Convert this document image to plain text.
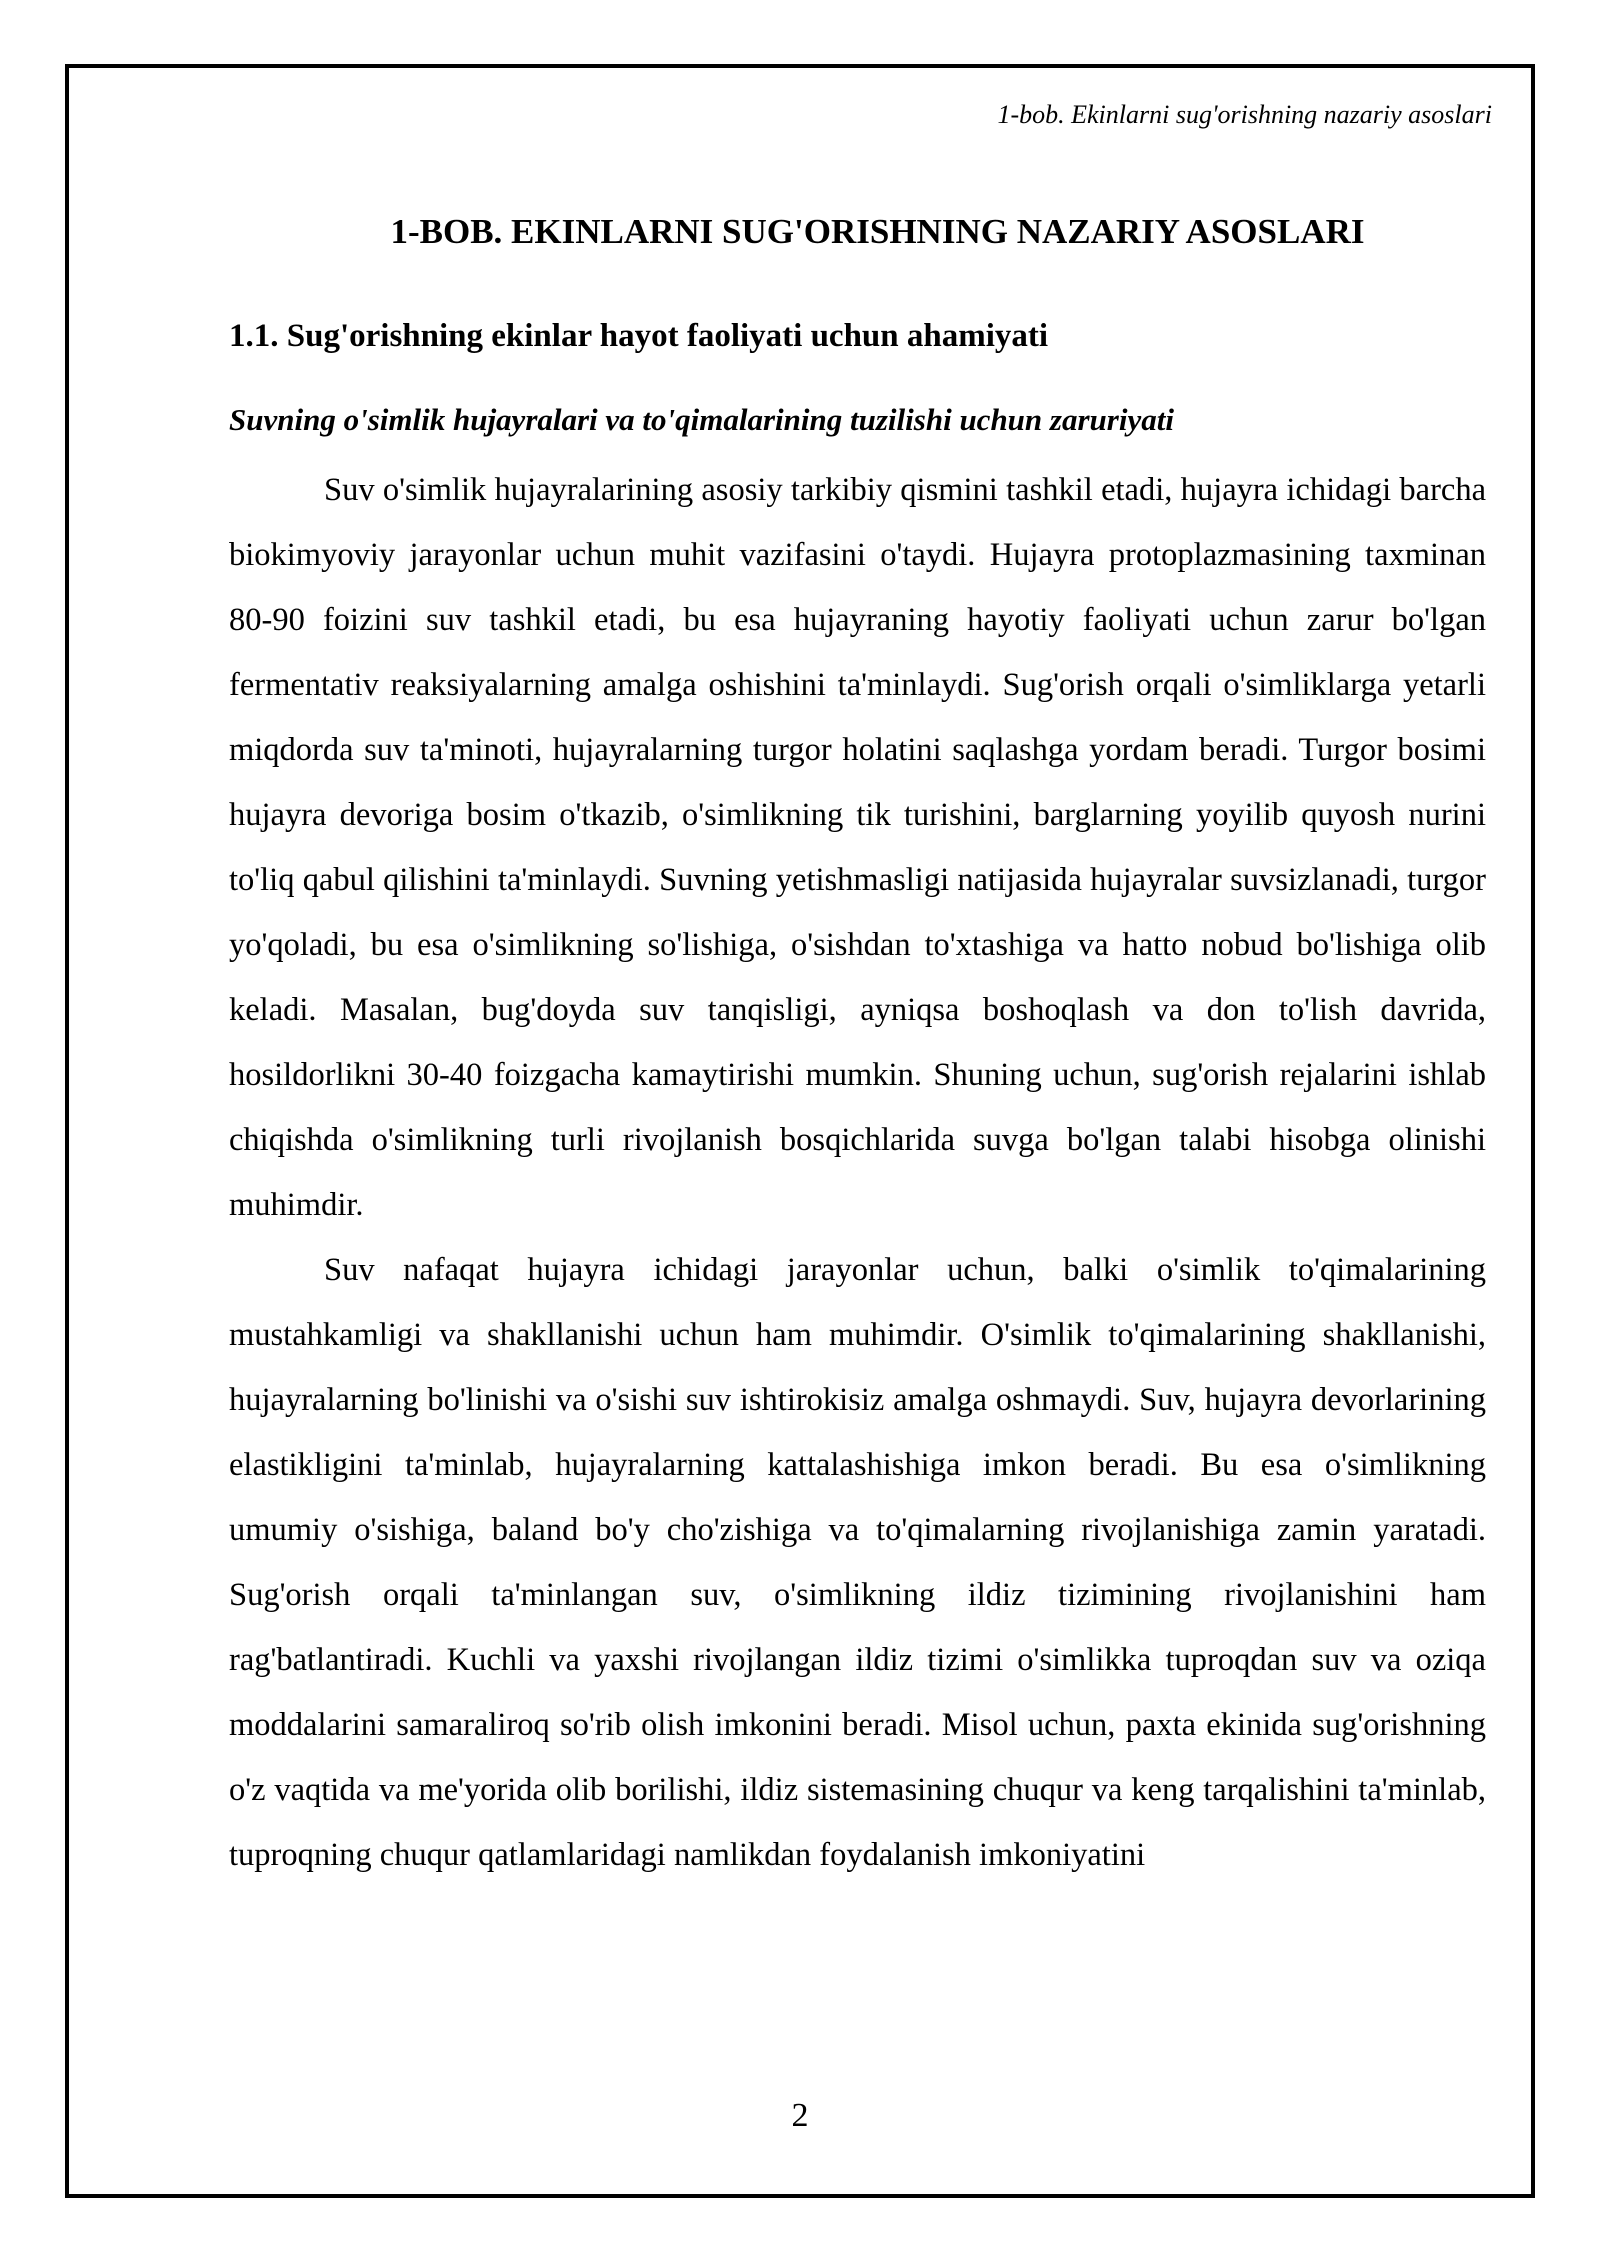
1-bob. Ekinlarni sug'orishning nazariy asoslari
1-BOB. EKINLARNI SUG'ORISHNING NAZARIY ASOSLARI
1.1. Sug'orishning ekinlar hayot faoliyati uchun ahamiyati
Suvning o'simlik hujayralari va to'qimalarining tuzilishi uchun zaruriyati

Suv o'simlik hujayralarining asosiy tarkibiy qismini tashkil etadi, hujayra ichidagi barcha biokimyoviy jarayonlar uchun muhit vazifasini o'taydi. Hujayra protoplazmasining taxminan 80-90 foizini suv tashkil etadi, bu esa hujayraning hayotiy faoliyati uchun zarur bo'lgan fermentativ reaksiyalarning amalga oshishini ta'minlaydi. Sug'orish orqali o'simliklarga yetarli miqdorda suv ta'minoti, hujayralarning turgor holatini saqlashga yordam beradi. Turgor bosimi hujayra devoriga bosim o'tkazib, o'simlikning tik turishini, barglarning yoyilib quyosh nurini to'liq qabul qilishini ta'minlaydi. Suvning yetishmasligi natijasida hujayralar suvsizlanadi, turgor yo'qoladi, bu esa o'simlikning so'lishiga, o'sishdan to'xtashiga va hatto nobud bo'lishiga olib keladi. Masalan, bug'doyda suv tanqisligi, ayniqsa boshoqlash va don to'lish davrida, hosildorlikni 30-40 foizgacha kamaytirishi mumkin. Shuning uchun, sug'orish rejalarini ishlab chiqishda o'simlikning turli rivojlanish bosqichlarida suvga bo'lgan talabi hisobga olinishi muhimdir.

Suv nafaqat hujayra ichidagi jarayonlar uchun, balki o'simlik to'qimalarining mustahkamligi va shakllanishi uchun ham muhimdir. O'simlik to'qimalarining shakllanishi, hujayralarning bo'linishi va o'sishi suv ishtirokisiz amalga oshmaydi. Suv, hujayra devorlarining elastikligini ta'minlab, hujayralarning kattalashishiga imkon beradi. Bu esa o'simlikning umumiy o'sishiga, baland bo'y cho'zishiga va to'qimalarning rivojlanishiga zamin yaratadi. Sug'orish orqali ta'minlangan suv, o'simlikning ildiz tizimining rivojlanishini ham rag'batlantiradi. Kuchli va yaxshi rivojlangan ildiz tizimi o'simlikka tuproqdan suv va oziqa moddalarini samaraliroq so'rib olish imkonini beradi. Misol uchun, paxta ekinida sug'orishning o'z vaqtida va me'yorida olib borilishi, ildiz sistemasining chuqur va keng tarqalishini ta'minlab, tuproqning chuqur qatlamlaridagi namlikdan foydalanish imkoniyatini

2
